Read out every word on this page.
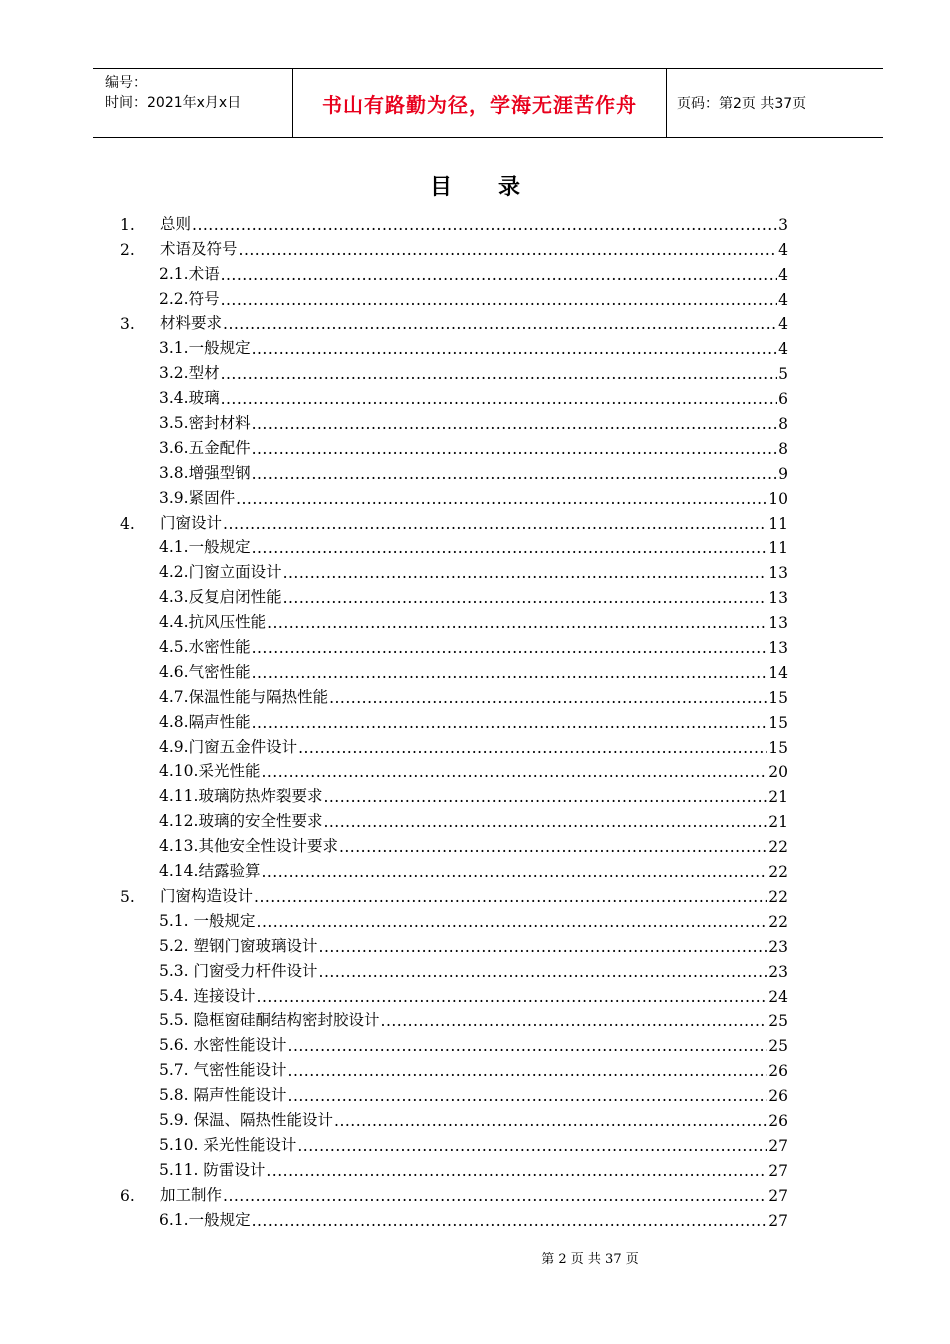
编号：
时间：2021年x月x日	书山有路勤为径，学海无涯苦作舟	页码：第2页 共37页
目录
1.	总则 .....	3
2.	术语及符号 .....	4
2.1.术语 .....	4
2.2.符号 .....	4
3.	材料要求 .....	4
3.1.一般规定 .....	4
3.2.型材 .....	5
3.4.玻璃 .....	6
3.5.密封材料 .....	8
3.6.五金配件 .....	8
3.8.增强型钢 .....	9
3.9.紧固件 .....	10
4.	门窗设计 .....	11
4.1.一般规定 .....	11
4.2.门窗立面设计 .....	13
4.3.反复启闭性能 .....	13
4.4.抗风压性能 .....	13
4.5.水密性能 .....	13
4.6.气密性能 .....	14
4.7.保温性能与隔热性能 .....	15
4.8.隔声性能 .....	15
4.9.门窗五金件设计 .....	15
4.10.采光性能 .....	20
4.11.玻璃防热炸裂要求 .....	21
4.12.玻璃的安全性要求 .....	21
4.13.其他安全性设计要求 .....	22
4.14.结露验算 .....	22
5.	门窗构造设计 .....	22
5.1. 一般规定 .....	22
5.2. 塑钢门窗玻璃设计 .....	23
5.3. 门窗受力杆件设计 .....	23
5.4. 连接设计 .....	24
5.5. 隐框窗硅酮结构密封胶设计 .....	25
5.6. 水密性能设计 .....	25
5.7. 气密性能设计 .....	26
5.8. 隔声性能设计 .....	26
5.9. 保温、隔热性能设计 .....	26
5.10. 采光性能设计 .....	27
5.11. 防雷设计 .....	27
6.	加工制作 .....	27
6.1.一般规定 .....	27
第 2 页 共 37 页
